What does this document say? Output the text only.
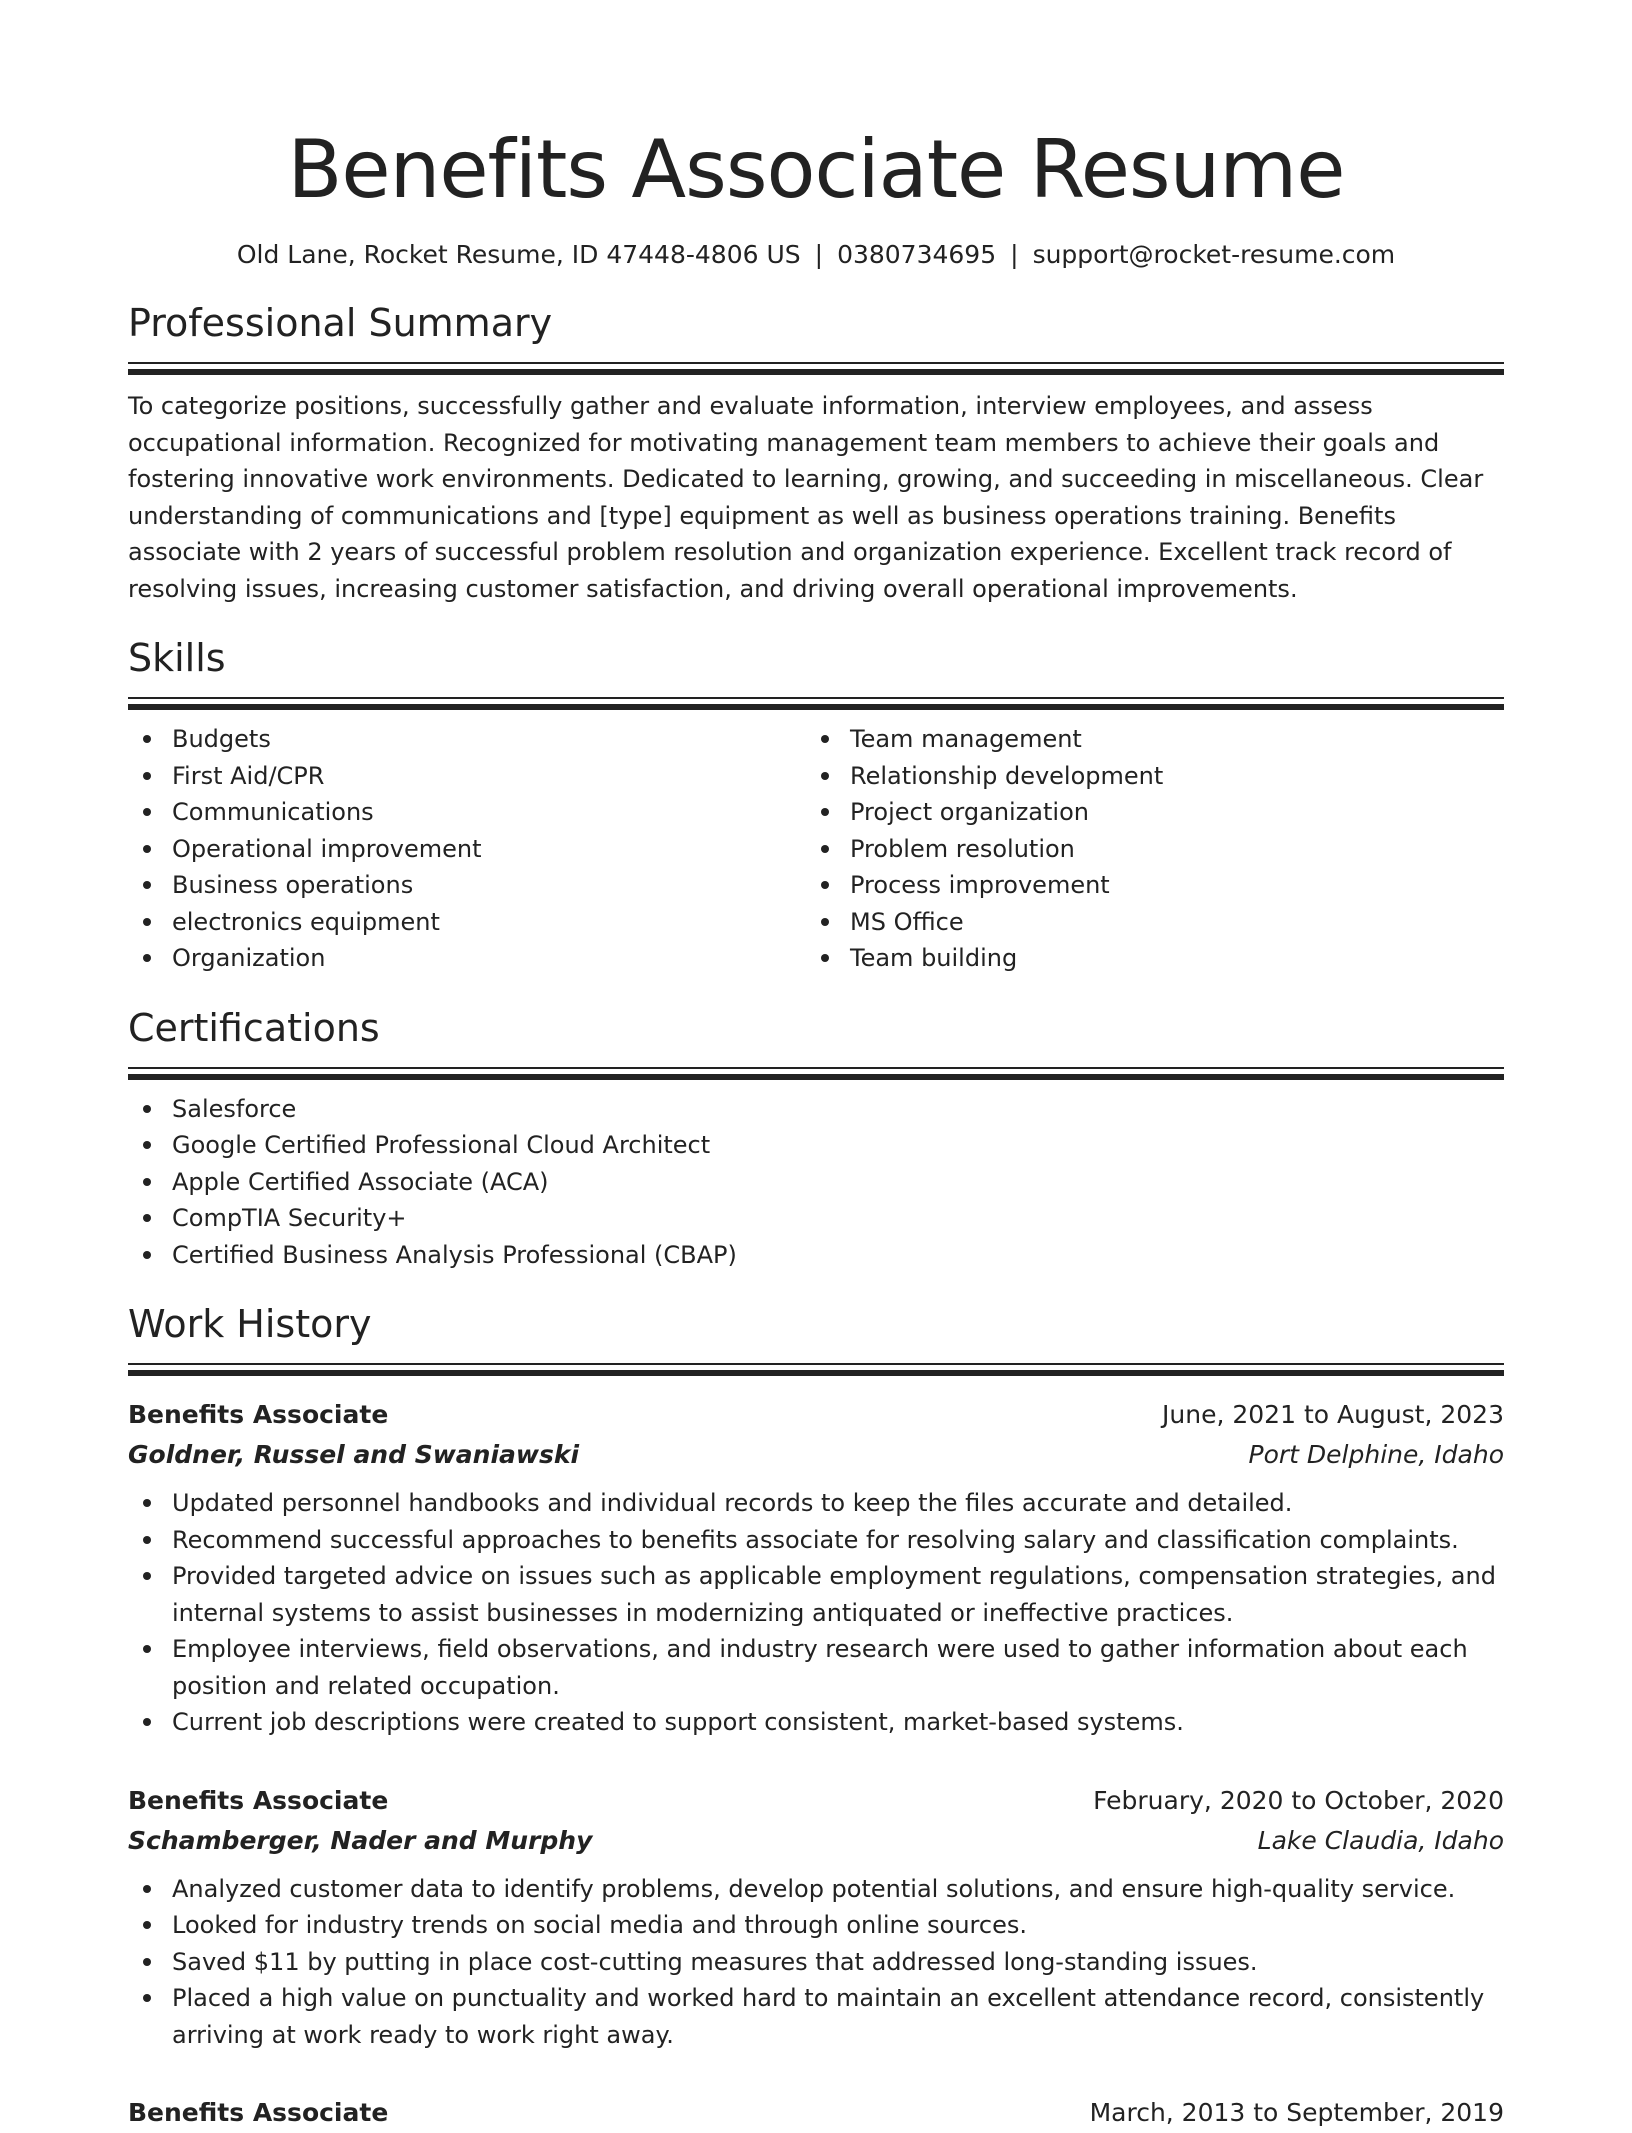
Benefits Associate Resume
Old Lane, Rocket Resume, ID 47448-4806 US | 0380734695 | support@rocket-resume.com
Professional Summary
To categorize positions, successfully gather and evaluate information, interview employees, and assess occupational information. Recognized for motivating management team members to achieve their goals and fostering innovative work environments. Dedicated to learning, growing, and succeeding in miscellaneous. Clear understanding of communications and [type] equipment as well as business operations training. Benefits associate with 2 years of successful problem resolution and organization experience. Excellent track record of resolving issues, increasing customer satisfaction, and driving overall operational improvements.
Skills
Budgets
First Aid/CPR
Communications
Operational improvement
Business operations
electronics equipment
Organization
Team management
Relationship development
Project organization
Problem resolution
Process improvement
MS Office
Team building
Certifications
Salesforce
Google Certified Professional Cloud Architect
Apple Certified Associate (ACA)
CompTIA Security+
Certified Business Analysis Professional (CBAP)
Work History
Benefits Associate	June, 2021 to August, 2023
Goldner, Russel and Swaniawski	Port Delphine, Idaho
Updated personnel handbooks and individual records to keep the files accurate and detailed.
Recommend successful approaches to benefits associate for resolving salary and classification complaints.
Provided targeted advice on issues such as applicable employment regulations, compensation strategies, and internal systems to assist businesses in modernizing antiquated or ineffective practices.
Employee interviews, field observations, and industry research were used to gather information about each position and related occupation.
Current job descriptions were created to support consistent, market-based systems.
Benefits Associate	February, 2020 to October, 2020
Schamberger, Nader and Murphy	Lake Claudia, Idaho
Analyzed customer data to identify problems, develop potential solutions, and ensure high-quality service.
Looked for industry trends on social media and through online sources.
Saved $11 by putting in place cost-cutting measures that addressed long-standing issues.
Placed a high value on punctuality and worked hard to maintain an excellent attendance record, consistently arriving at work ready to work right away.
Benefits Associate	March, 2013 to September, 2019
